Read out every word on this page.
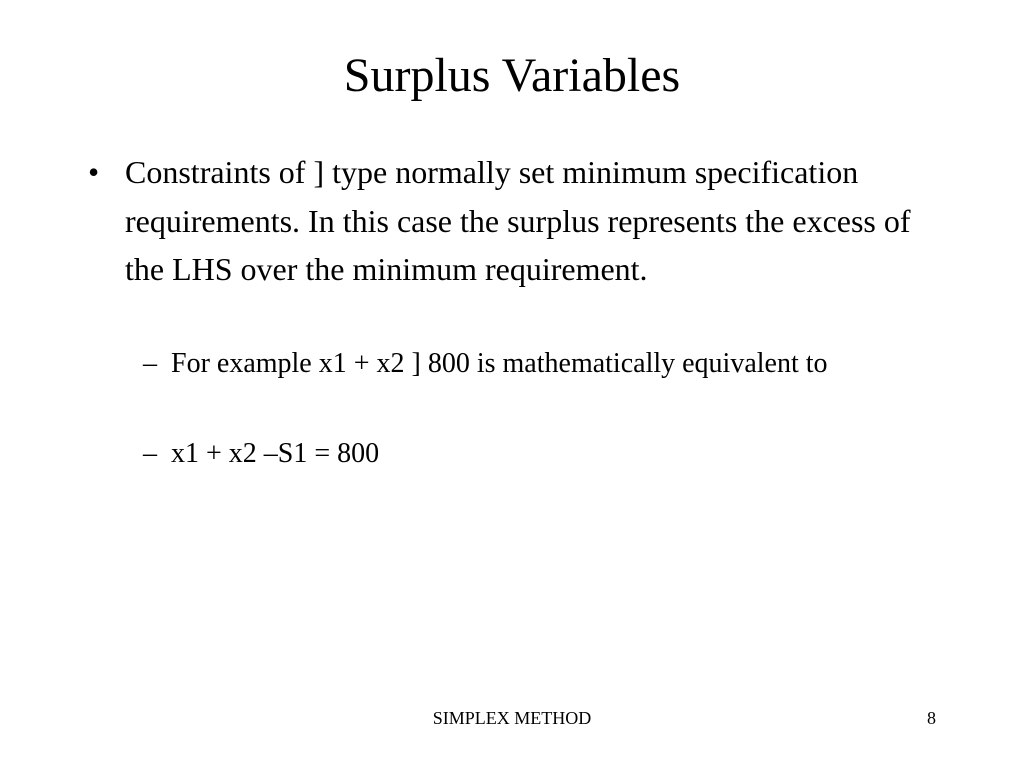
Surplus Variables
• Constraints of ] type normally set minimum specification requirements. In this case the surplus represents the excess of the LHS over the minimum requirement.
– For example x1 + x2 ] 800 is mathematically equivalent to
– x1 + x2 –S1 = 800
SIMPLEX METHOD	8
